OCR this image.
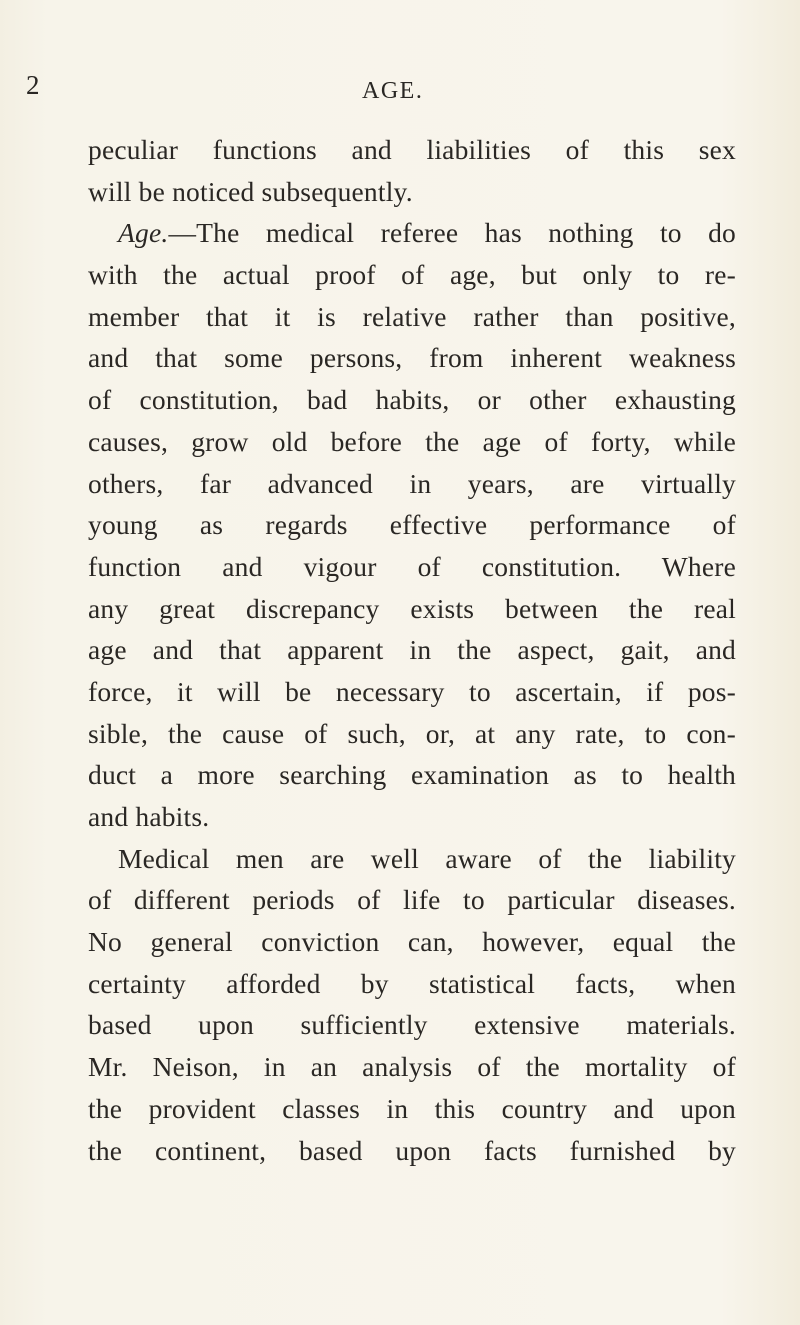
2	AGE.
peculiar functions and liabilities of this sex
will be noticed subsequently.
Age.—The medical referee has nothing to do
with the actual proof of age, but only to re-
member that it is relative rather than positive,
and that some persons, from inherent weakness
of constitution, bad habits, or other exhausting
causes, grow old before the age of forty, while
others, far advanced in years, are virtually
young as regards effective performance of
function and vigour of constitution. Where
any great discrepancy exists between the real
age and that apparent in the aspect, gait, and
force, it will be necessary to ascertain, if pos-
sible, the cause of such, or, at any rate, to con-
duct a more searching examination as to health
and habits.
Medical men are well aware of the liability
of different periods of life to particular diseases.
No general conviction can, however, equal the
certainty afforded by statistical facts, when
based upon sufficiently extensive materials.
Mr. Neison, in an analysis of the mortality of
the provident classes in this country and upon
the continent, based upon facts furnished by
